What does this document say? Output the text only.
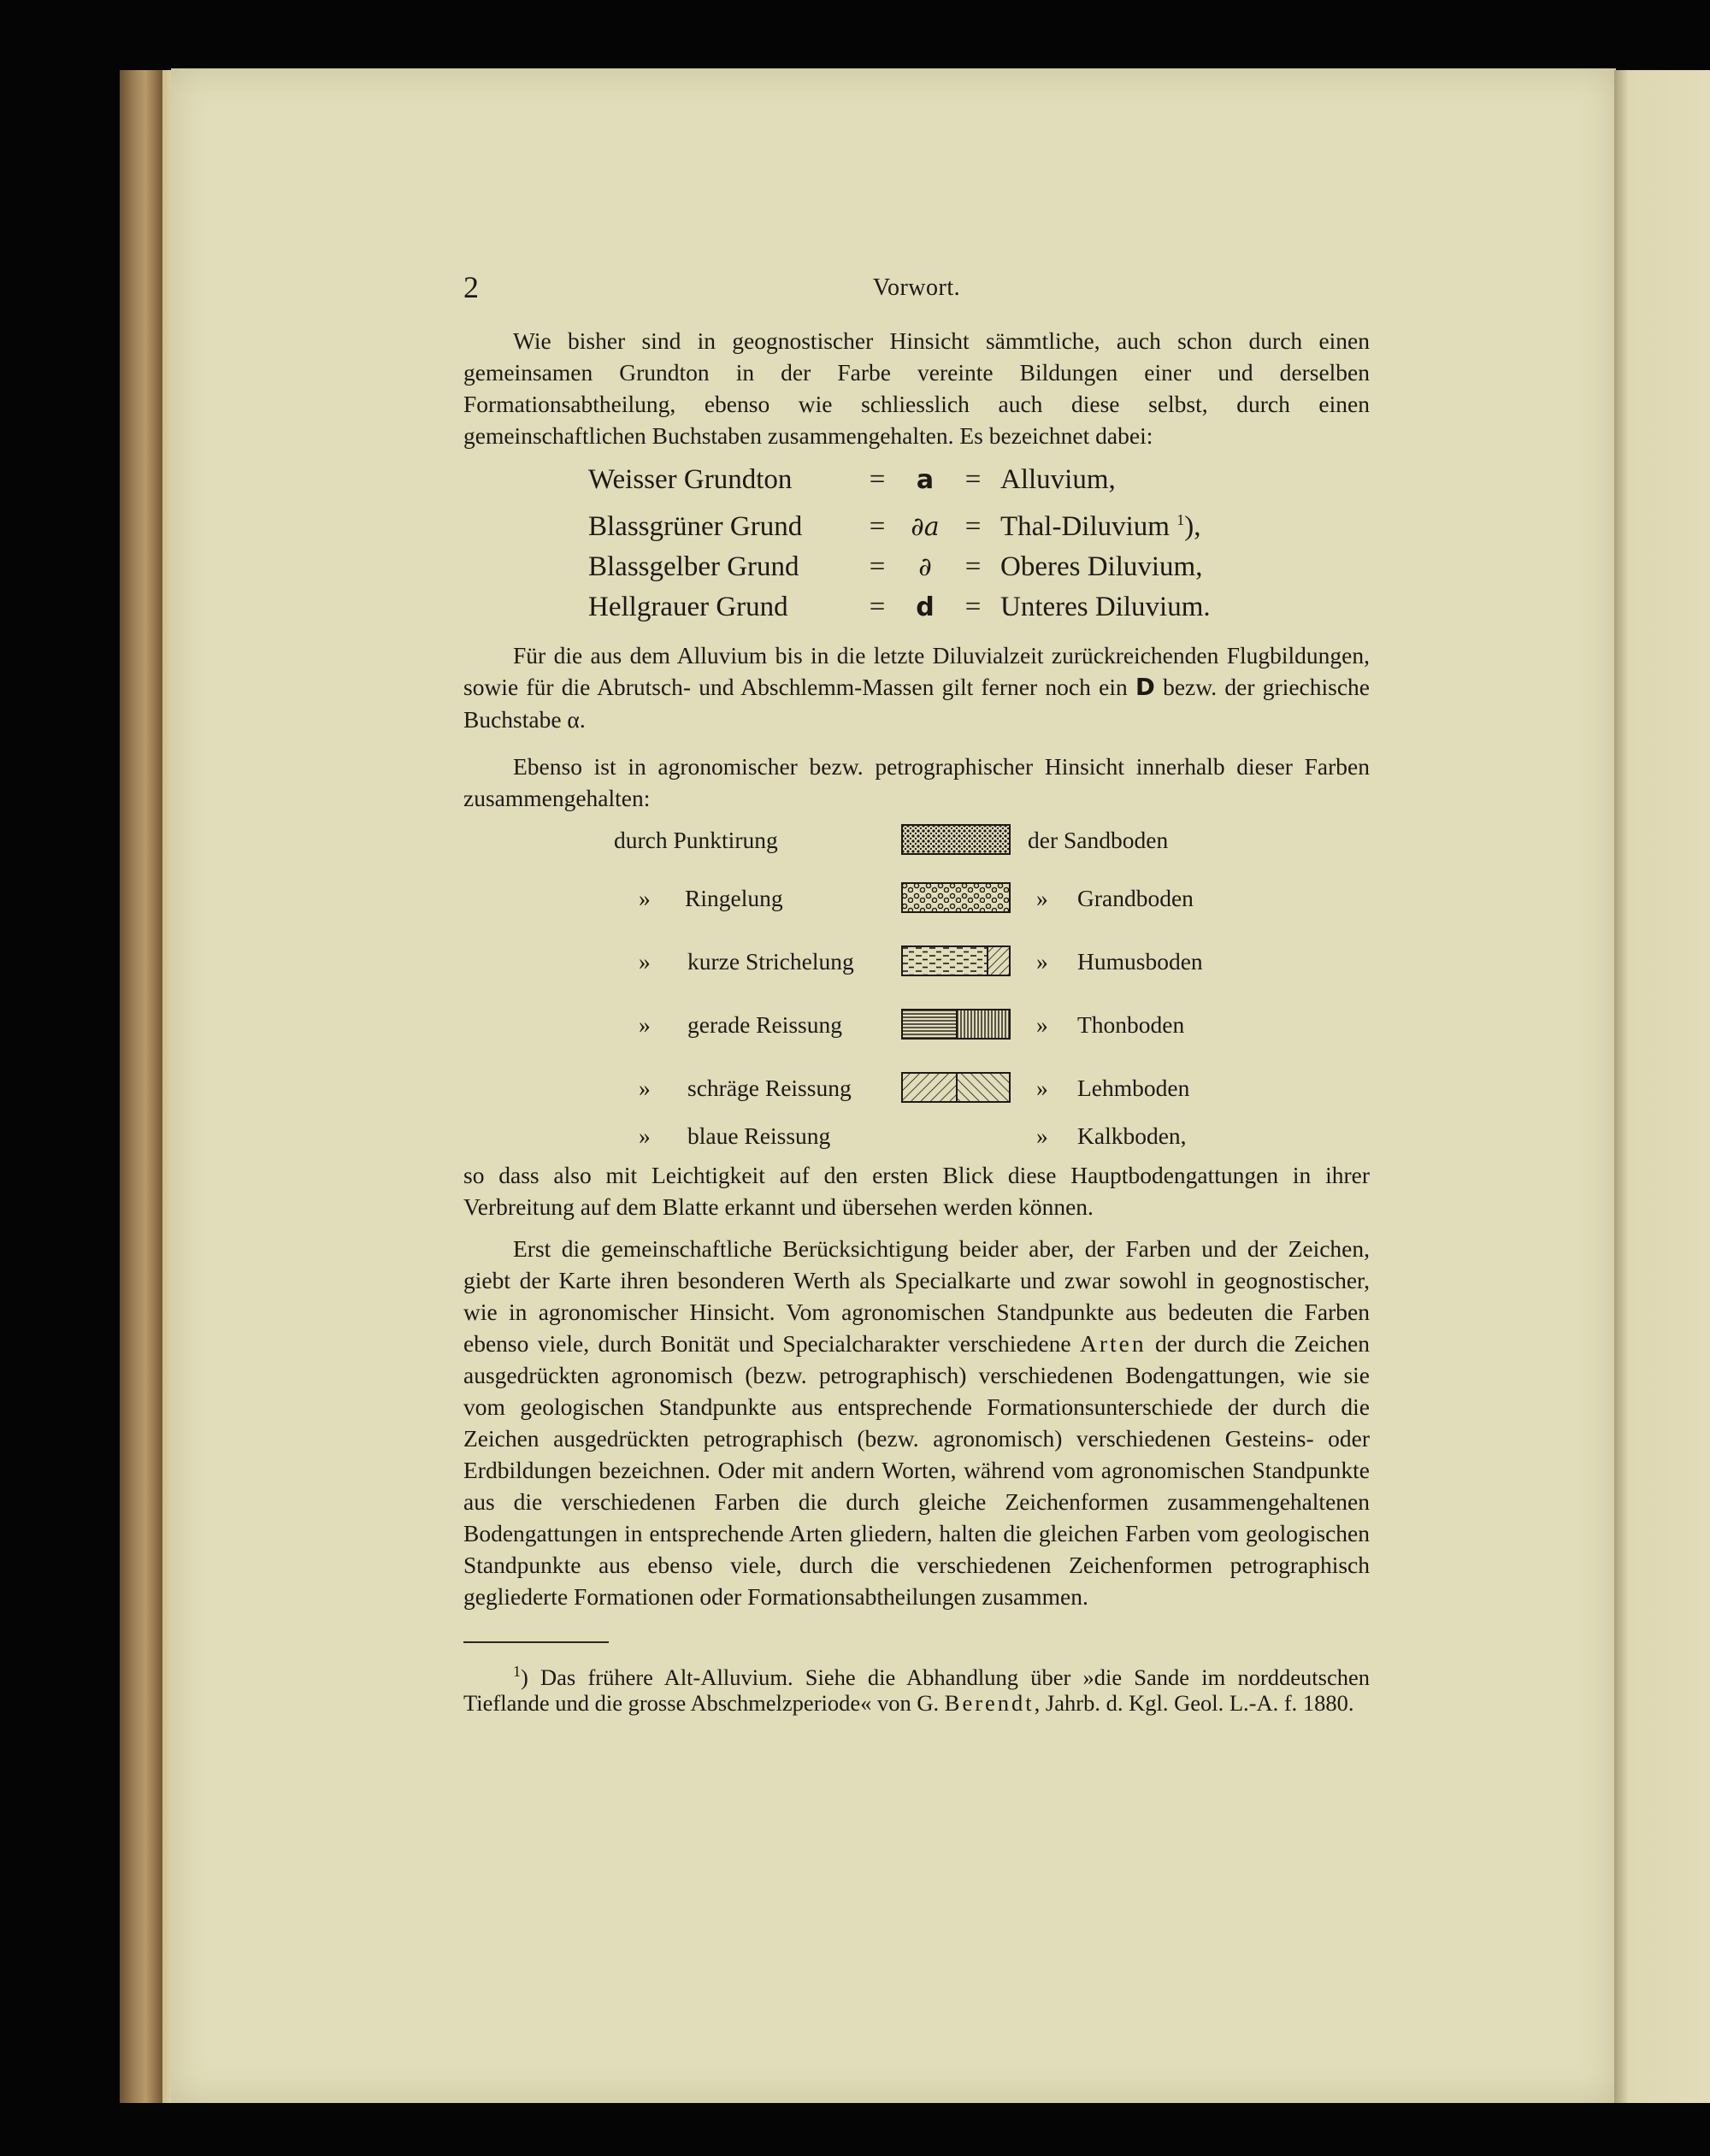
2	Vorwort.

Wie bisher sind in geognostischer Hinsicht sämmtliche, auch schon durch einen gemeinsamen Grundton in der Farbe vereinte Bildungen einer und derselben Formationsabtheilung, ebenso wie schliesslich auch diese selbst, durch einen gemeinschaftlichen Buchstaben zusammengehalten. Es bezeichnet dabei:

Weisser Grundton	=	a	= Alluvium,
Blassgrüner Grund	= ∂a = Thal-Diluvium $^1$),
Blassgelber Grund	=	∂	= Oberes Diluvium,
Hellgrauer Grund	=	d	= Unteres Diluvium.

Für die aus dem Alluvium bis in die letzte Diluvialzeit zurückreichenden Flugbildungen, sowie für die Abrutsch- und Abschlemm-Massen gilt ferner noch ein D bezw. der griechische Buchstabe α.

Ebenso ist in agronomischer bezw. petrographischer Hinsicht innerhalb dieser Farben zusammengehalten:

durch Punktirung	der Sandboden
» Ringelung	» Grandboden
» kurze Strichelung	» Humusboden
» gerade Reissung	» Thonboden
» schräge Reissung	» Lehmboden
» blaue Reissung	» Kalkboden,

so dass also mit Leichtigkeit auf den ersten Blick diese Hauptbodengattungen in ihrer Verbreitung auf dem Blatte erkannt und übersehen werden können.

Erst die gemeinschaftliche Berücksichtigung beider aber, der Farben und der Zeichen, giebt der Karte ihren besonderen Werth als Specialkarte und zwar sowohl in geognostischer, wie in agronomischer Hinsicht. Vom agronomischen Standpunkte aus bedeuten die Farben ebenso viele, durch Bonität und Specialcharakter verschiedene Arten der durch die Zeichen ausgedrückten agronomisch (bezw. petrographisch) verschiedenen Bodengattungen, wie sie vom geologischen Standpunkte aus entsprechende Formationsunterschiede der durch die Zeichen ausgedrückten petrographisch (bezw. agronomisch) verschiedenen Gesteins- oder Erdbildungen bezeichnen. Oder mit andern Worten, während vom agronomischen Standpunkte aus die verschiedenen Farben die durch gleiche Zeichenformen zusammengehaltenen Bodengattungen in entsprechende Arten gliedern, halten die gleichen Farben vom geologischen Standpunkte aus ebenso viele, durch die verschiedenen Zeichenformen petrographisch gegliederte Formationen oder Formationsabtheilungen zusammen.

$^1$) Das frühere Alt-Alluvium. Siehe die Abhandlung über »die Sande im norddeutschen Tieflande und die grosse Abschmelzperiode« von G. Berendt, Jahrb. d. Kgl. Geol. L.-A. f. 1880.
